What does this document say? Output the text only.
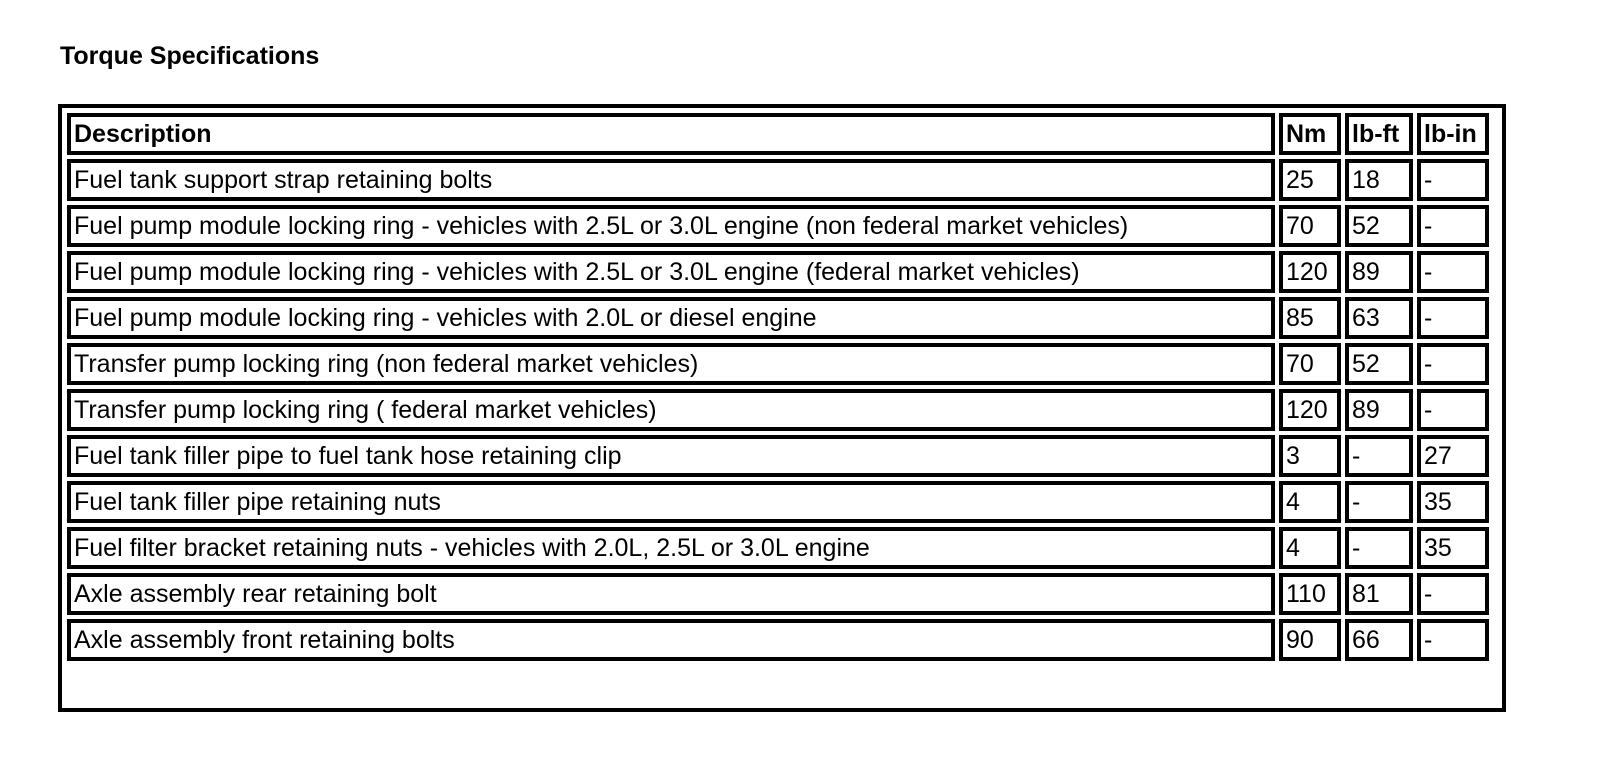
Torque Specifications
Description	Nm	lb-ft	lb-in
Fuel tank support strap retaining bolts	25	18	-
Fuel pump module locking ring - vehicles with 2.5L or 3.0L engine (non federal market vehicles)	70	52	-
Fuel pump module locking ring - vehicles with 2.5L or 3.0L engine (federal market vehicles)	120	89	-
Fuel pump module locking ring - vehicles with 2.0L or diesel engine	85	63	-
Transfer pump locking ring (non federal market vehicles)	70	52	-
Transfer pump locking ring ( federal market vehicles)	120	89	-
Fuel tank filler pipe to fuel tank hose retaining clip	3	-	27
Fuel tank filler pipe retaining nuts	4	-	35
Fuel filter bracket retaining nuts - vehicles with 2.0L, 2.5L or 3.0L engine	4	-	35
Axle assembly rear retaining bolt	110	81	-
Axle assembly front retaining bolts	90	66	-
